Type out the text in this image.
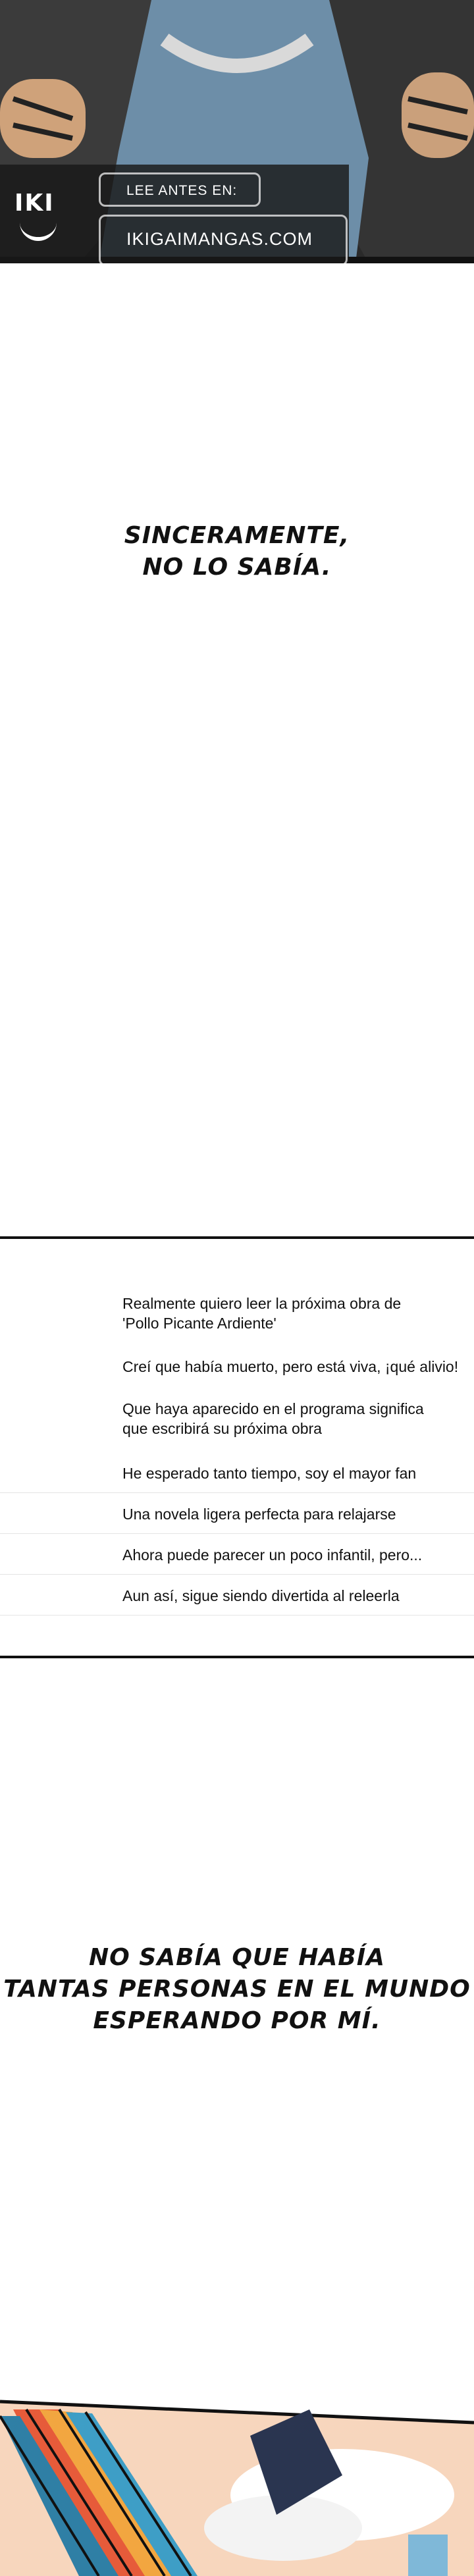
IKI	LEE ANTES EN:
IKIGAIMANGAS.COM
SINCERAMENTE,
NO LO SABÍA.
Realmente quiero leer la próxima obra de
'Pollo Picante Ardiente'
Creí que había muerto, pero está viva, ¡qué alivio!
Que haya aparecido en el programa significa
que escribirá su próxima obra
He esperado tanto tiempo, soy el mayor fan
Una novela ligera perfecta para relajarse
Ahora puede parecer un poco infantil, pero...
Aun así, sigue siendo divertida al releerla
NO SABÍA QUE HABÍA
TANTAS PERSONAS EN EL MUNDO
ESPERANDO POR MÍ.
